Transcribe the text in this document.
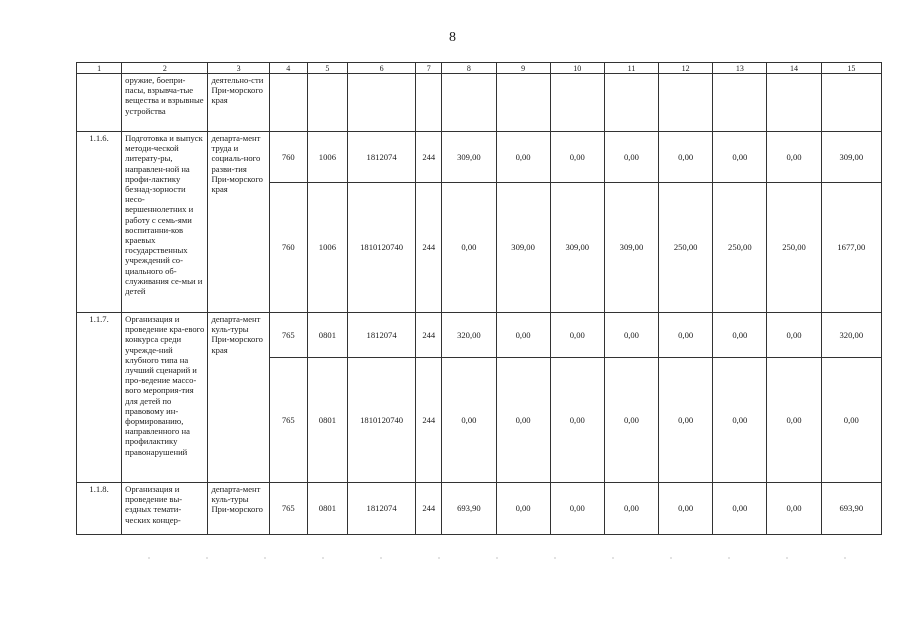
8
1	2	3	4	5	6	7	8	9	10	11	12	13	14	15
	оружие, боепри-пасы, взрывча-тые вещества и взрывные устройства	деятельно-сти При-морского края												
1.1.6.	Подготовка и выпуск методи-ческой литерату-ры, направлен-ной на профи-лактику безнад-зорности несо-вершеннолетних и работу с семь-ями воспитанни-ков краевых государственных учреждений со-циального об-служивания се-мьи и детей	департа-мент труда и социаль-ного разви-тия При-морского края	760	1006	1812074	244	309,00	0,00	0,00	0,00	0,00	0,00	0,00	309,00
			760	1006	1810120740	244	0,00	309,00	309,00	309,00	250,00	250,00	250,00	1677,00
1.1.7.	Организация и проведение кра-евого конкурса среди учрежде-ний клубного типа на лучший сценарий и про-ведение массо-вого мероприя-тия для детей по правовому ин-формированию, направленного на профилактику правонарушений	департа-мент куль-туры При-морского края	765	0801	1812074	244	320,00	0,00	0,00	0,00	0,00	0,00	0,00	320,00
			765	0801	1810120740	244	0,00	0,00	0,00	0,00	0,00	0,00	0,00	0,00
1.1.8.	Организация и проведение вы-ездных темати-ческих концер-	департа-мент куль-туры При-морского	765	0801	1812074	244	693,90	0,00	0,00	0,00	0,00	0,00	0,00	693,90
